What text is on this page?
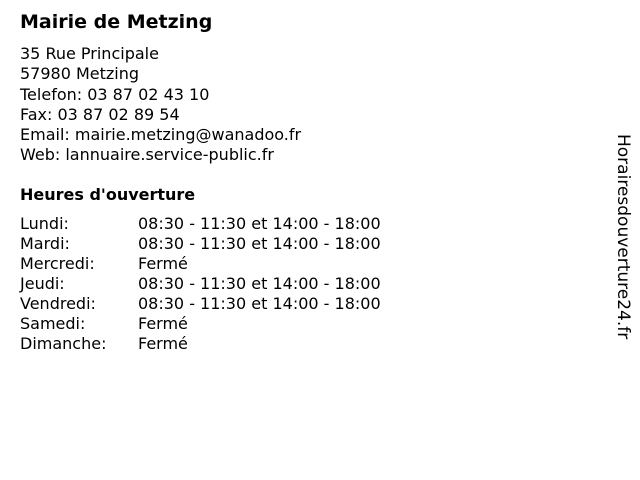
Mairie de Metzing
35 Rue Principale
57980 Metzing
Telefon: 03 87 02 43 10
Fax: 03 87 02 89 54
Email: mairie.metzing@wanadoo.fr
Web: lannuaire.service-public.fr
Heures d'ouverture
Lundi:	08:30 - 11:30 et 14:00 - 18:00
Mardi:	08:30 - 11:30 et 14:00 - 18:00
Mercredi:	Fermé
Jeudi:	08:30 - 11:30 et 14:00 - 18:00
Vendredi:	08:30 - 11:30 et 14:00 - 18:00
Samedi:	Fermé
Dimanche:	Fermé
Horairesdouverture24.fr
